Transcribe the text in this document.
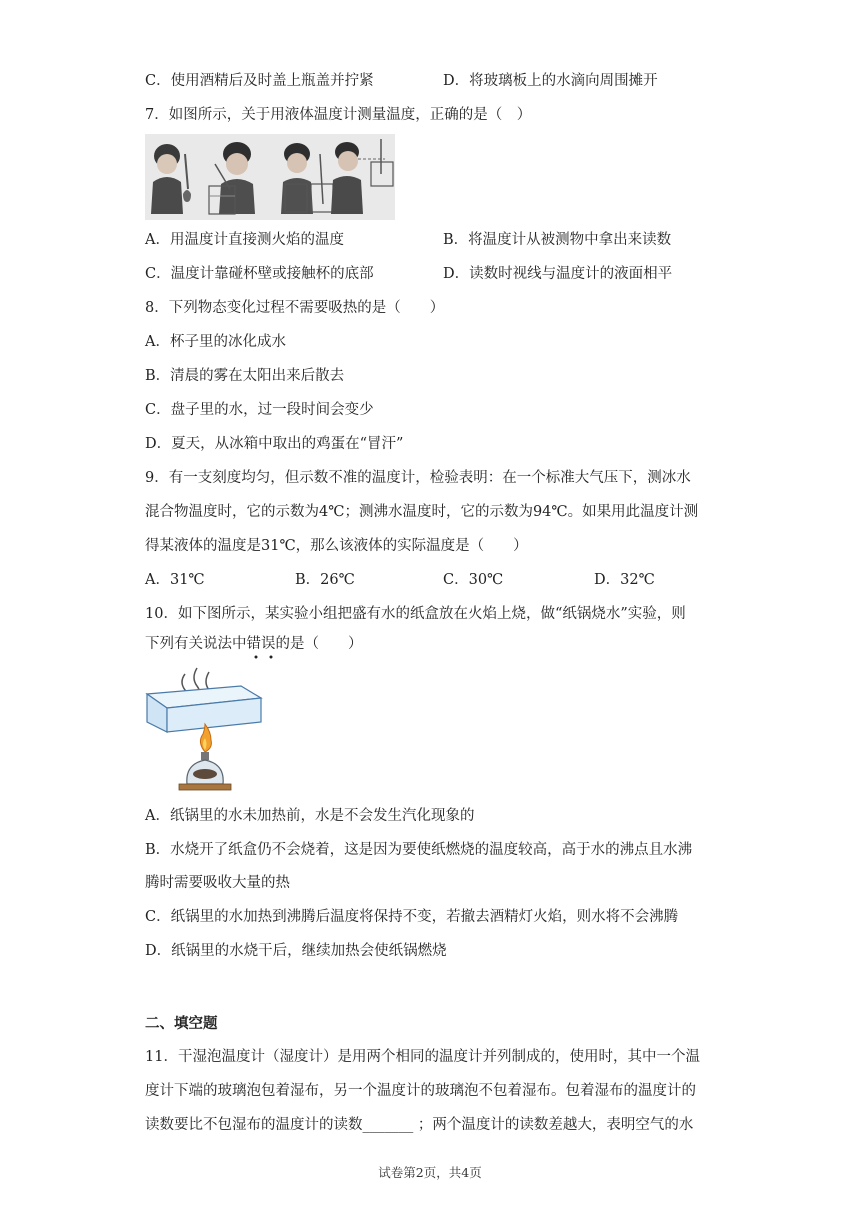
C．使用酒精后及时盖上瓶盖并拧紧	D．将玻璃板上的水滴向周围摊开
7．如图所示，关于用液体温度计测量温度，正确的是（　）
A．用温度计直接测火焰的温度	B．将温度计从被测物中拿出来读数
C．温度计靠碰杯壁或接触杯的底部	D．读数时视线与温度计的液面相平
8．下列物态变化过程不需要吸热的是（　　）
A．杯子里的冰化成水
B．清晨的雾在太阳出来后散去
C．盘子里的水，过一段时间会变少
D．夏天，从冰箱中取出的鸡蛋在“冒汗”
9．有一支刻度均匀，但示数不准的温度计，检验表明：在一个标准大气压下，测冰水
混合物温度时，它的示数为4℃；测沸水温度时，它的示数为94℃。如果用此温度计测
得某液体的温度是31℃，那么该液体的实际温度是（　　）
A．31℃	B．26℃	C．30℃	D．32℃
10．如下图所示，某实验小组把盛有水的纸盒放在火焰上烧，做“纸锅烧水”实验，则
下列有关说法中错误的是（　　）
A．纸锅里的水未加热前，水是不会发生汽化现象的
B．水烧开了纸盒仍不会烧着，这是因为要使纸燃烧的温度较高，高于水的沸点且水沸
腾时需要吸收大量的热
C．纸锅里的水加热到沸腾后温度将保持不变，若撤去酒精灯火焰，则水将不会沸腾
D．纸锅里的水烧干后，继续加热会使纸锅燃烧
二、填空题
11．干湿泡温度计（湿度计）是用两个相同的温度计并列制成的，使用时，其中一个温
度计下端的玻璃泡包着湿布，另一个温度计的玻璃泡不包着湿布。包着湿布的温度计的
读数要比不包湿布的温度计的读数_______ ；两个温度计的读数差越大，表明空气的水
试卷第2页，共4页
